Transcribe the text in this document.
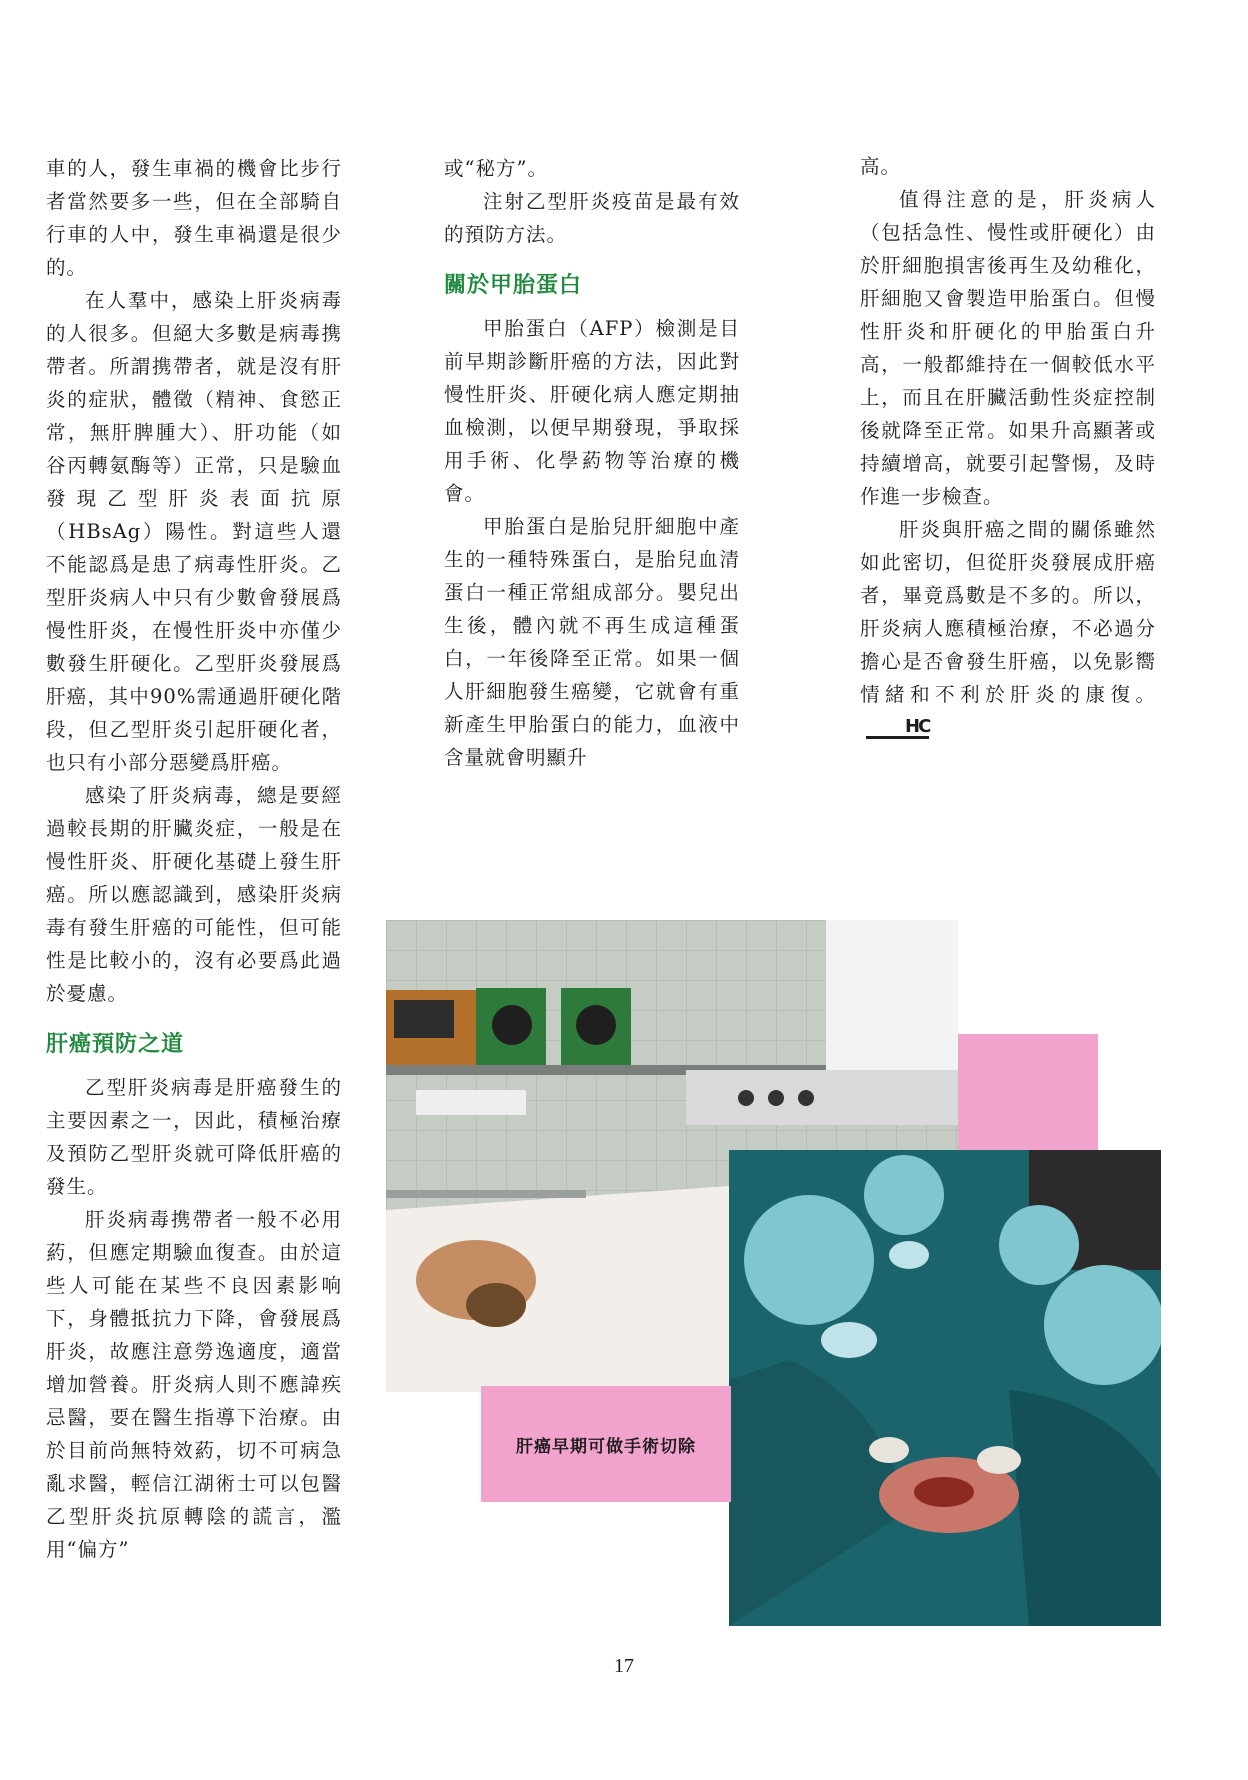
車的人，發生車禍的機會比步行者當然要多一些，但在全部騎自行車的人中，發生車禍還是很少的。

在人羣中，感染上肝炎病毒的人很多。但絕大多數是病毒携帶者。所謂携帶者，就是沒有肝炎的症狀，體徵（精神、食慾正常，無肝脾腫大）、肝功能（如谷丙轉氨酶等）正常，只是驗血發現乙型肝炎表面抗原（HBsAg）陽性。對這些人還不能認爲是患了病毒性肝炎。乙型肝炎病人中只有少數會發展爲慢性肝炎，在慢性肝炎中亦僅少數發生肝硬化。乙型肝炎發展爲肝癌，其中90%需通過肝硬化階段，但乙型肝炎引起肝硬化者，也只有小部分惡變爲肝癌。

感染了肝炎病毒，總是要經過較長期的肝臟炎症，一般是在慢性肝炎、肝硬化基礎上發生肝癌。所以應認識到，感染肝炎病毒有發生肝癌的可能性，但可能性是比較小的，沒有必要爲此過於憂慮。

肝癌預防之道

乙型肝炎病毒是肝癌發生的主要因素之一，因此，積極治療及預防乙型肝炎就可降低肝癌的發生。

肝炎病毒携帶者一般不必用葯，但應定期驗血復查。由於這些人可能在某些不良因素影响下，身體抵抗力下降，會發展爲肝炎，故應注意勞逸適度，適當增加營養。肝炎病人則不應諱疾忌醫，要在醫生指導下治療。由於目前尚無特效葯，切不可病急亂求醫，輕信江湖術士可以包醫乙型肝炎抗原轉陰的謊言，濫用“偏方”

或“秘方”。

注射乙型肝炎疫苗是最有效的預防方法。

關於甲胎蛋白

甲胎蛋白（AFP）檢測是目前早期診斷肝癌的方法，因此對慢性肝炎、肝硬化病人應定期抽血檢測，以便早期發現，爭取採用手術、化學葯物等治療的機會。

甲胎蛋白是胎兒肝細胞中產生的一種特殊蛋白，是胎兒血清蛋白一種正常組成部分。嬰兒出生後，體內就不再生成這種蛋白，一年後降至正常。如果一個人肝細胞發生癌變，它就會有重新產生甲胎蛋白的能力，血液中含量就會明顯升

高。

值得注意的是，肝炎病人（包括急性、慢性或肝硬化）由於肝細胞損害後再生及幼稚化，肝細胞又會製造甲胎蛋白。但慢性肝炎和肝硬化的甲胎蛋白升高，一般都維持在一個較低水平上，而且在肝臟活動性炎症控制後就降至正常。如果升高顯著或持續增高，就要引起警惕，及時作進一步檢查。

肝炎與肝癌之間的關係雖然如此密切，但從肝炎發展成肝癌者，畢竟爲數是不多的。所以，肝炎病人應積極治療，不必過分擔心是否會發生肝癌，以免影嚮情緒和不利於肝炎的康復。HC

肝癌早期可做手術切除
17
